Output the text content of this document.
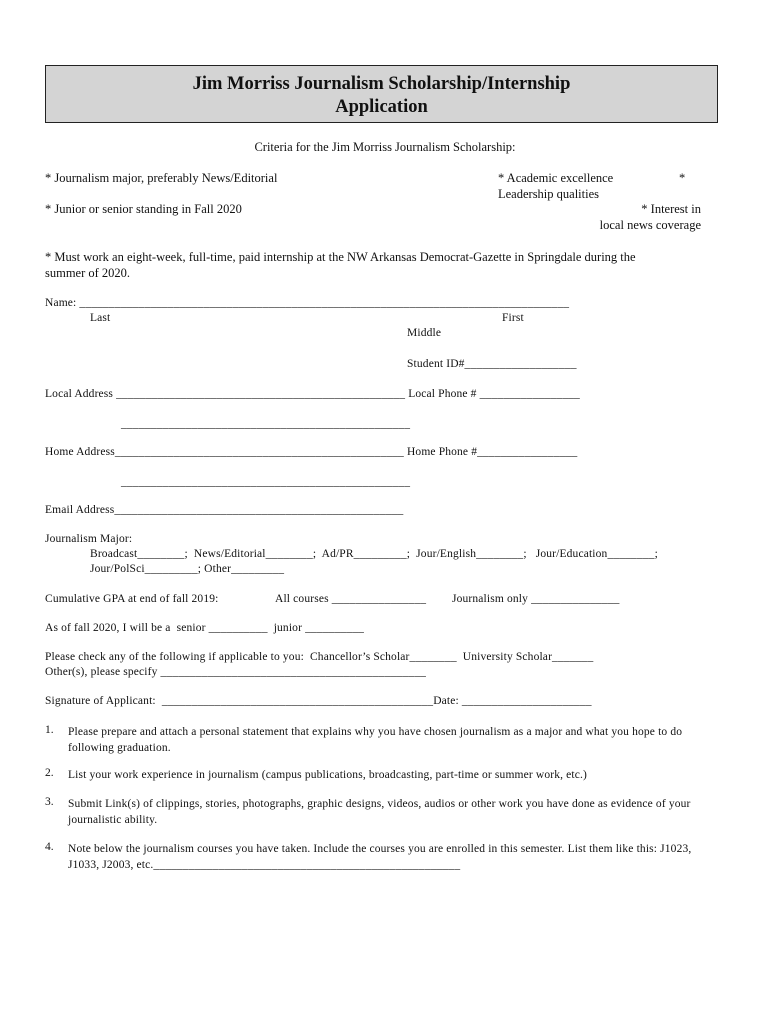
Jim Morriss Journalism Scholarship/Internship
Application
Criteria for the Jim Morriss Journalism Scholarship:
* Journalism major, preferably News/Editorial	* Academic excellence	*
Leadership qualities
* Junior or senior standing in Fall 2020	* Interest in
local news coverage
* Must work an eight-week, full-time, paid internship at the NW Arkansas Democrat-Gazette in Springdale during the
summer of 2020.
Name: ___________________________________________________________________________________
Last	First
Middle
Student ID#___________________
Local Address _________________________________________________ Local Phone # _________________
_________________________________________________
Home Address_________________________________________________ Home Phone #_________________
_________________________________________________
Email Address_________________________________________________
Journalism Major:
Broadcast________;  News/Editorial________;  Ad/PR_________;  Jour/English________;   Jour/Education________;
Jour/PolSci_________; Other_________
Cumulative GPA at end of fall 2019:	All courses ________________ Journalism only _______________
As of fall 2020, I will be a  senior __________  junior __________
Please check any of the following if applicable to you:  Chancellor’s Scholar________  University Scholar_______
Other(s), please specify _____________________________________________
Signature of Applicant:  ______________________________________________Date: ______________________
1. Please prepare and attach a personal statement that explains why you have chosen journalism as a major and what you hope to do following graduation.
2. List your work experience in journalism (campus publications, broadcasting, part-time or summer work, etc.)
3. Submit Link(s) of clippings, stories, photographs, graphic designs, videos, audios or other work you have done as evidence of your journalistic ability.
4. Note below the journalism courses you have taken. Include the courses you are enrolled in this semester. List them like this: J1023, J1033, J2003, etc.____________________________________________________
